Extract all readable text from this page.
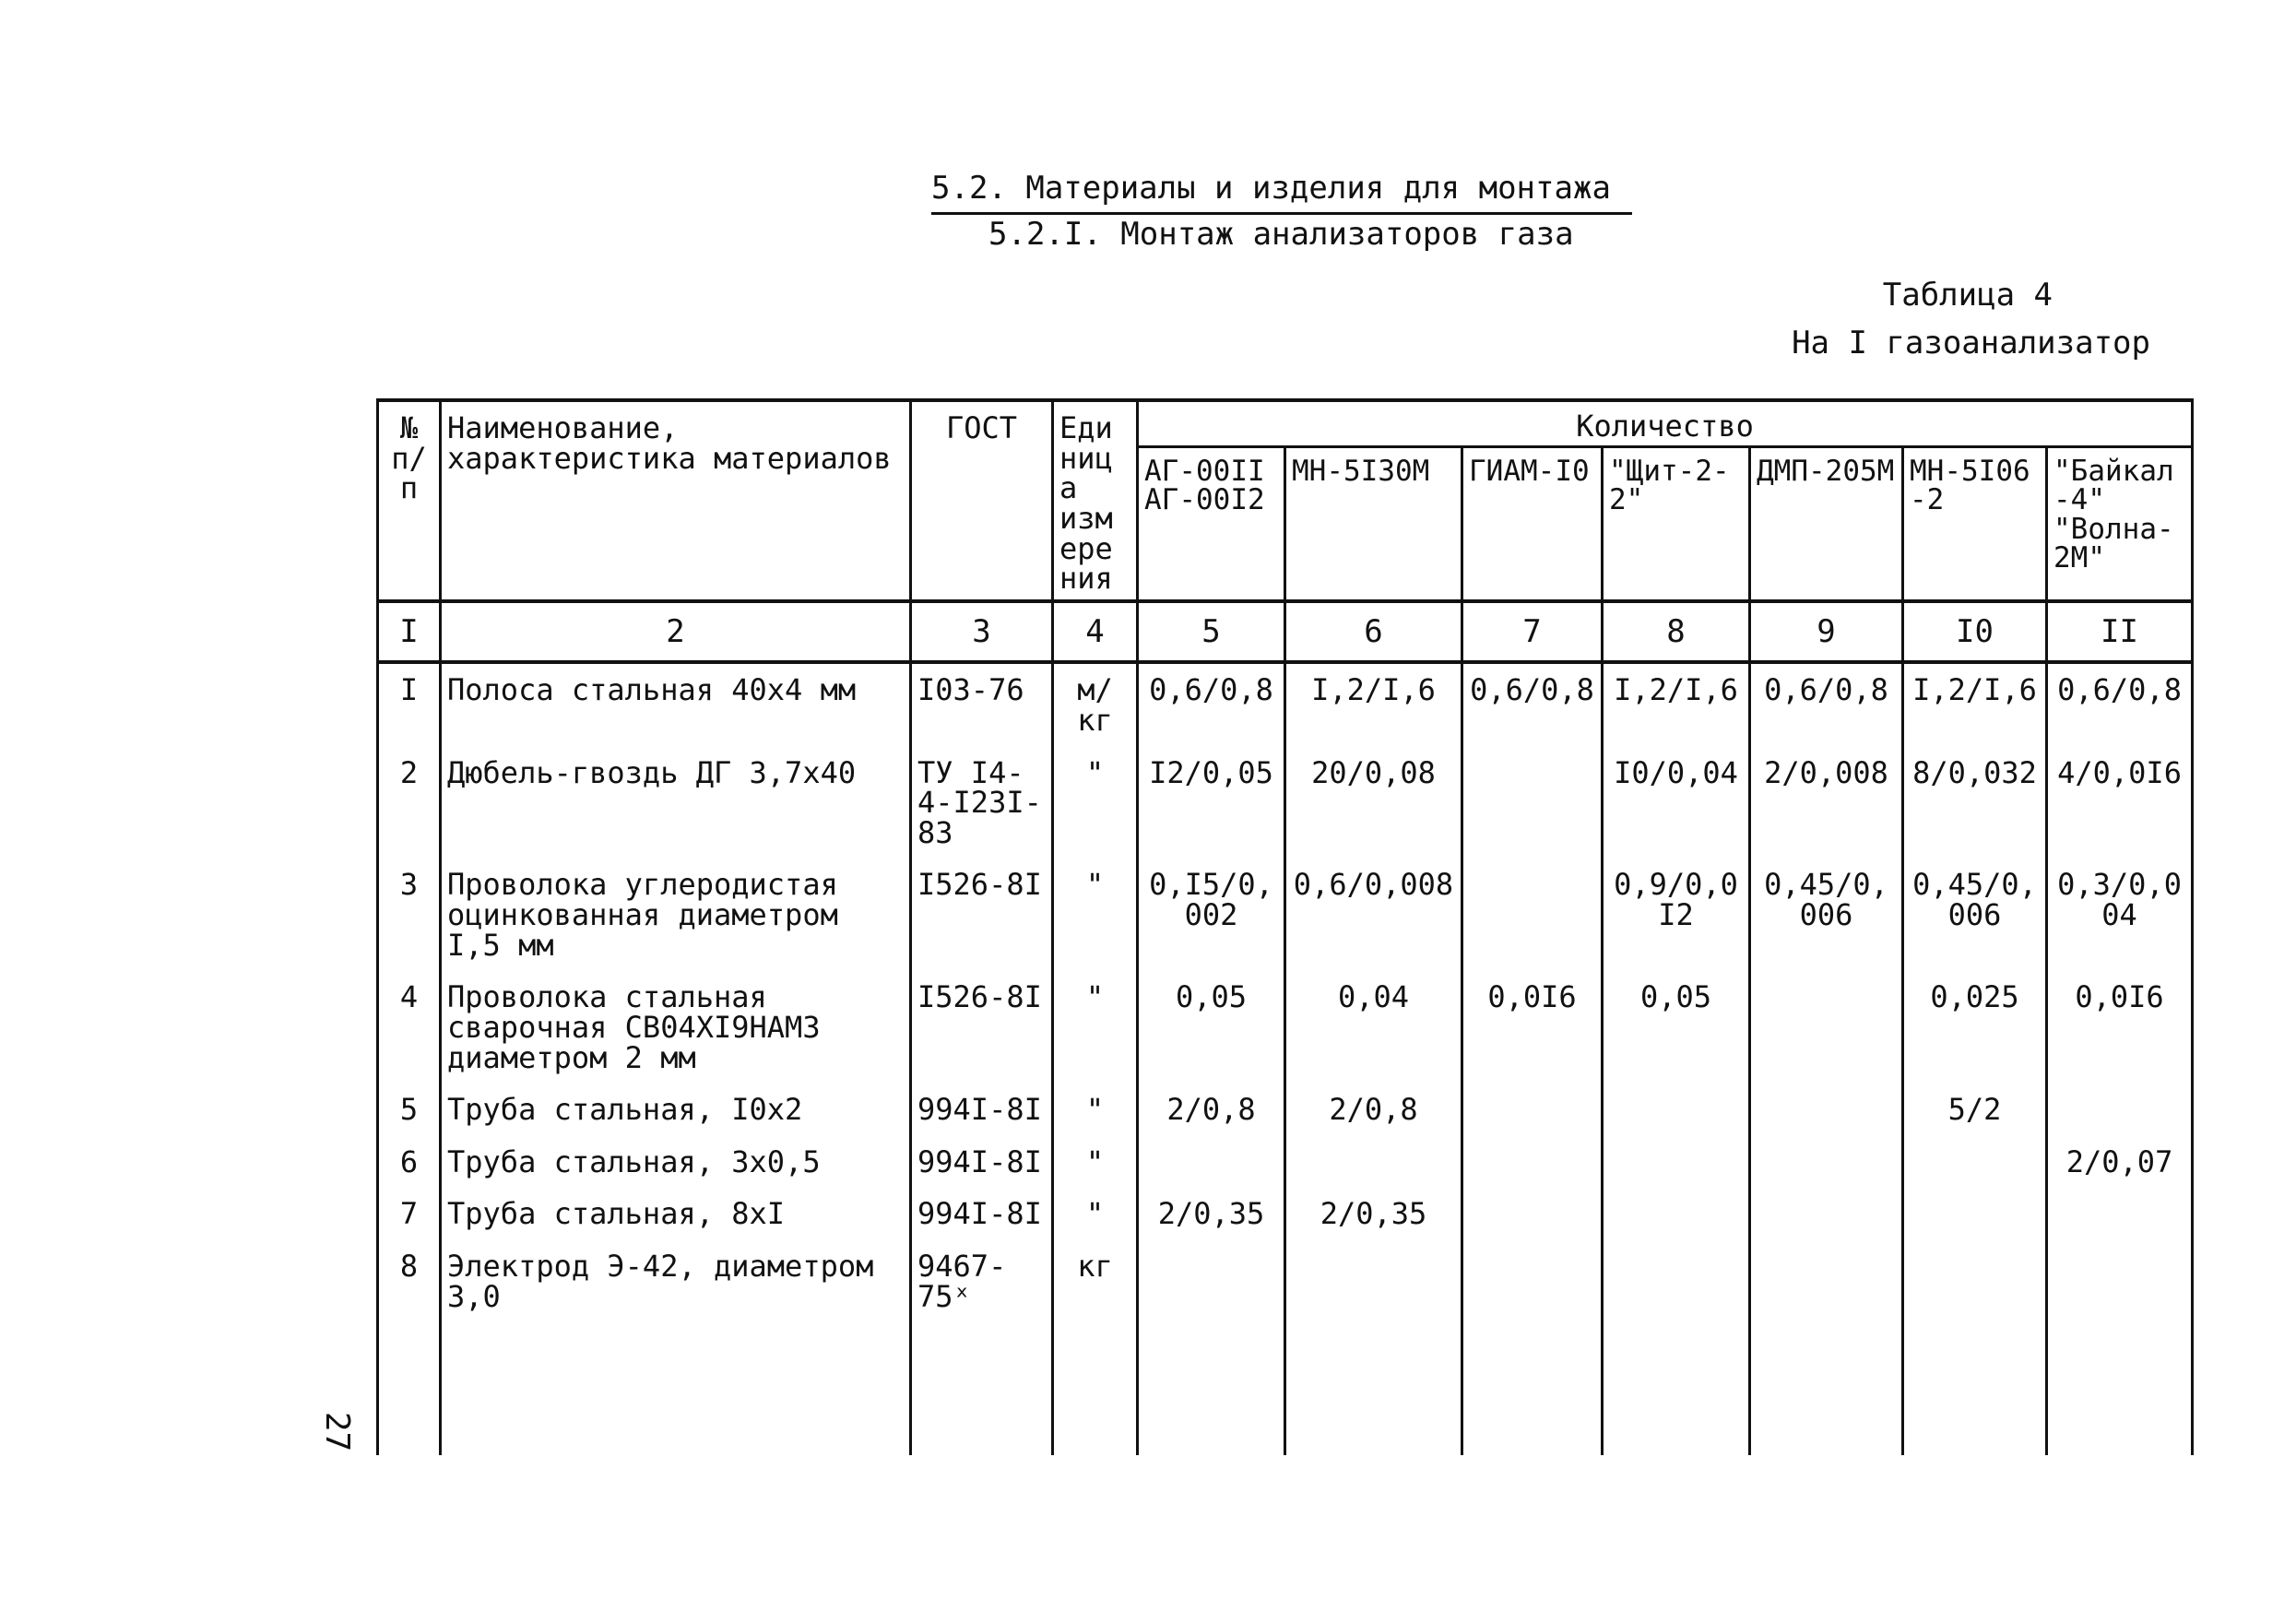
5.2. Материалы и изделия для монтажа
5.2.I. Монтаж анализаторов газа
Таблица 4
На I газоанализатор
27
№ п/п	Наименование, характеристика материалов	ГОСТ	Единица измерения	Количество						
				АГ-00II АГ-00I2	МН-5I30М	ГИАМ-I0	"Щит-2-2"	ДМП-205М	МН-5I06-2	"Байкал-4" "Волна-2М"
I	2	3	4	5	6	7	8	9	I0	II
I	Полоса стальная 40х4 мм	I03-76	м/кг	0,6/0,8	I,2/I,6	0,6/0,8	I,2/I,6	0,6/0,8	I,2/I,6	0,6/0,8
2	Дюбель-гвоздь ДГ 3,7х40	ТУ I4-4-I23I-83	"	I2/0,05	20/0,08		I0/0,04	2/0,008	8/0,032	4/0,0I6
3	Проволока углеродистая оцинкованная диаметром I,5 мм	I526-8I	"	0,I5/0,002	0,6/0,008		0,9/0,0I2	0,45/0,006	0,45/0,006	0,3/0,004
4	Проволока стальная сварочная СВ04ХI9НАМ3 диаметром 2 мм	I526-8I	"	0,05	0,04	0,0I6	0,05		0,025	0,0I6
5	Труба стальная, I0х2	994I-8I	"	2/0,8	2/0,8				5/2	
6	Труба стальная, 3х0,5	994I-8I	"							2/0,07
7	Труба стальная, 8хI	994I-8I	"	2/0,35	2/0,35					
8	Электрод Э-42, диаметром 3,0	9467-75ˣ	кг							
